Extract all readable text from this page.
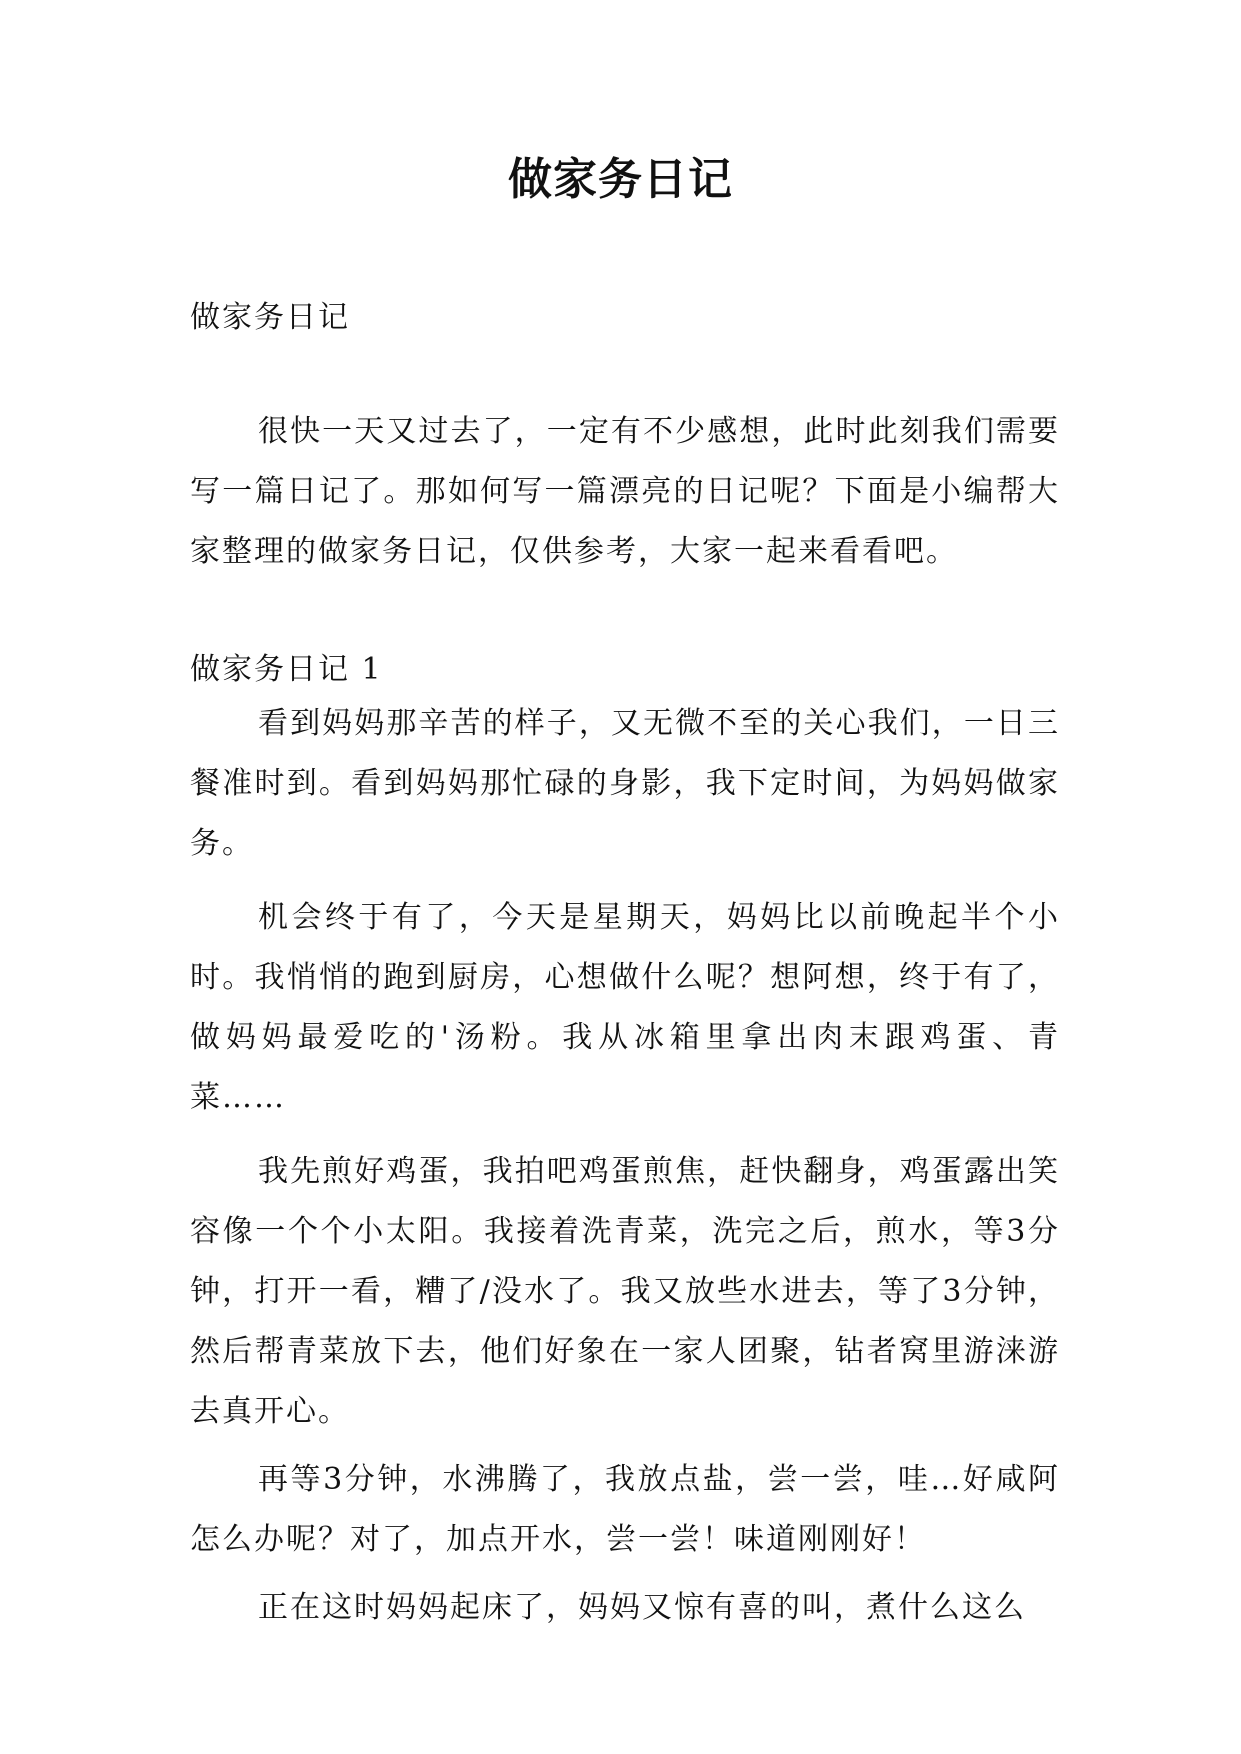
做家务日记
做家务日记

很快一天又过去了，一定有不少感想，此时此刻我们需要写一篇日记了。那如何写一篇漂亮的日记呢？下面是小编帮大家整理的做家务日记，仅供参考，大家一起来看看吧。

做家务日记 1

看到妈妈那辛苦的样子，又无微不至的关心我们，一日三餐准时到。看到妈妈那忙碌的身影，我下定时间，为妈妈做家务。

机会终于有了，今天是星期天，妈妈比以前晚起半个小时。我悄悄的跑到厨房，心想做什么呢？想阿想，终于有了，做妈妈最爱吃的'汤粉。我从冰箱里拿出肉末跟鸡蛋、青菜……

我先煎好鸡蛋，我拍吧鸡蛋煎焦，赶快翻身，鸡蛋露出笑容像一个个小太阳。我接着洗青菜，洗完之后，煎水，等3分钟，打开一看，糟了/没水了。我又放些水进去，等了3分钟，然后帮青菜放下去，他们好象在一家人团聚，钻者窝里游涞游去真开心。

再等3分钟，水沸腾了，我放点盐，尝一尝，哇…好咸阿怎么办呢？对了，加点开水，尝一尝！味道刚刚好！

正在这时妈妈起床了，妈妈又惊有喜的叫，煮什么这么
